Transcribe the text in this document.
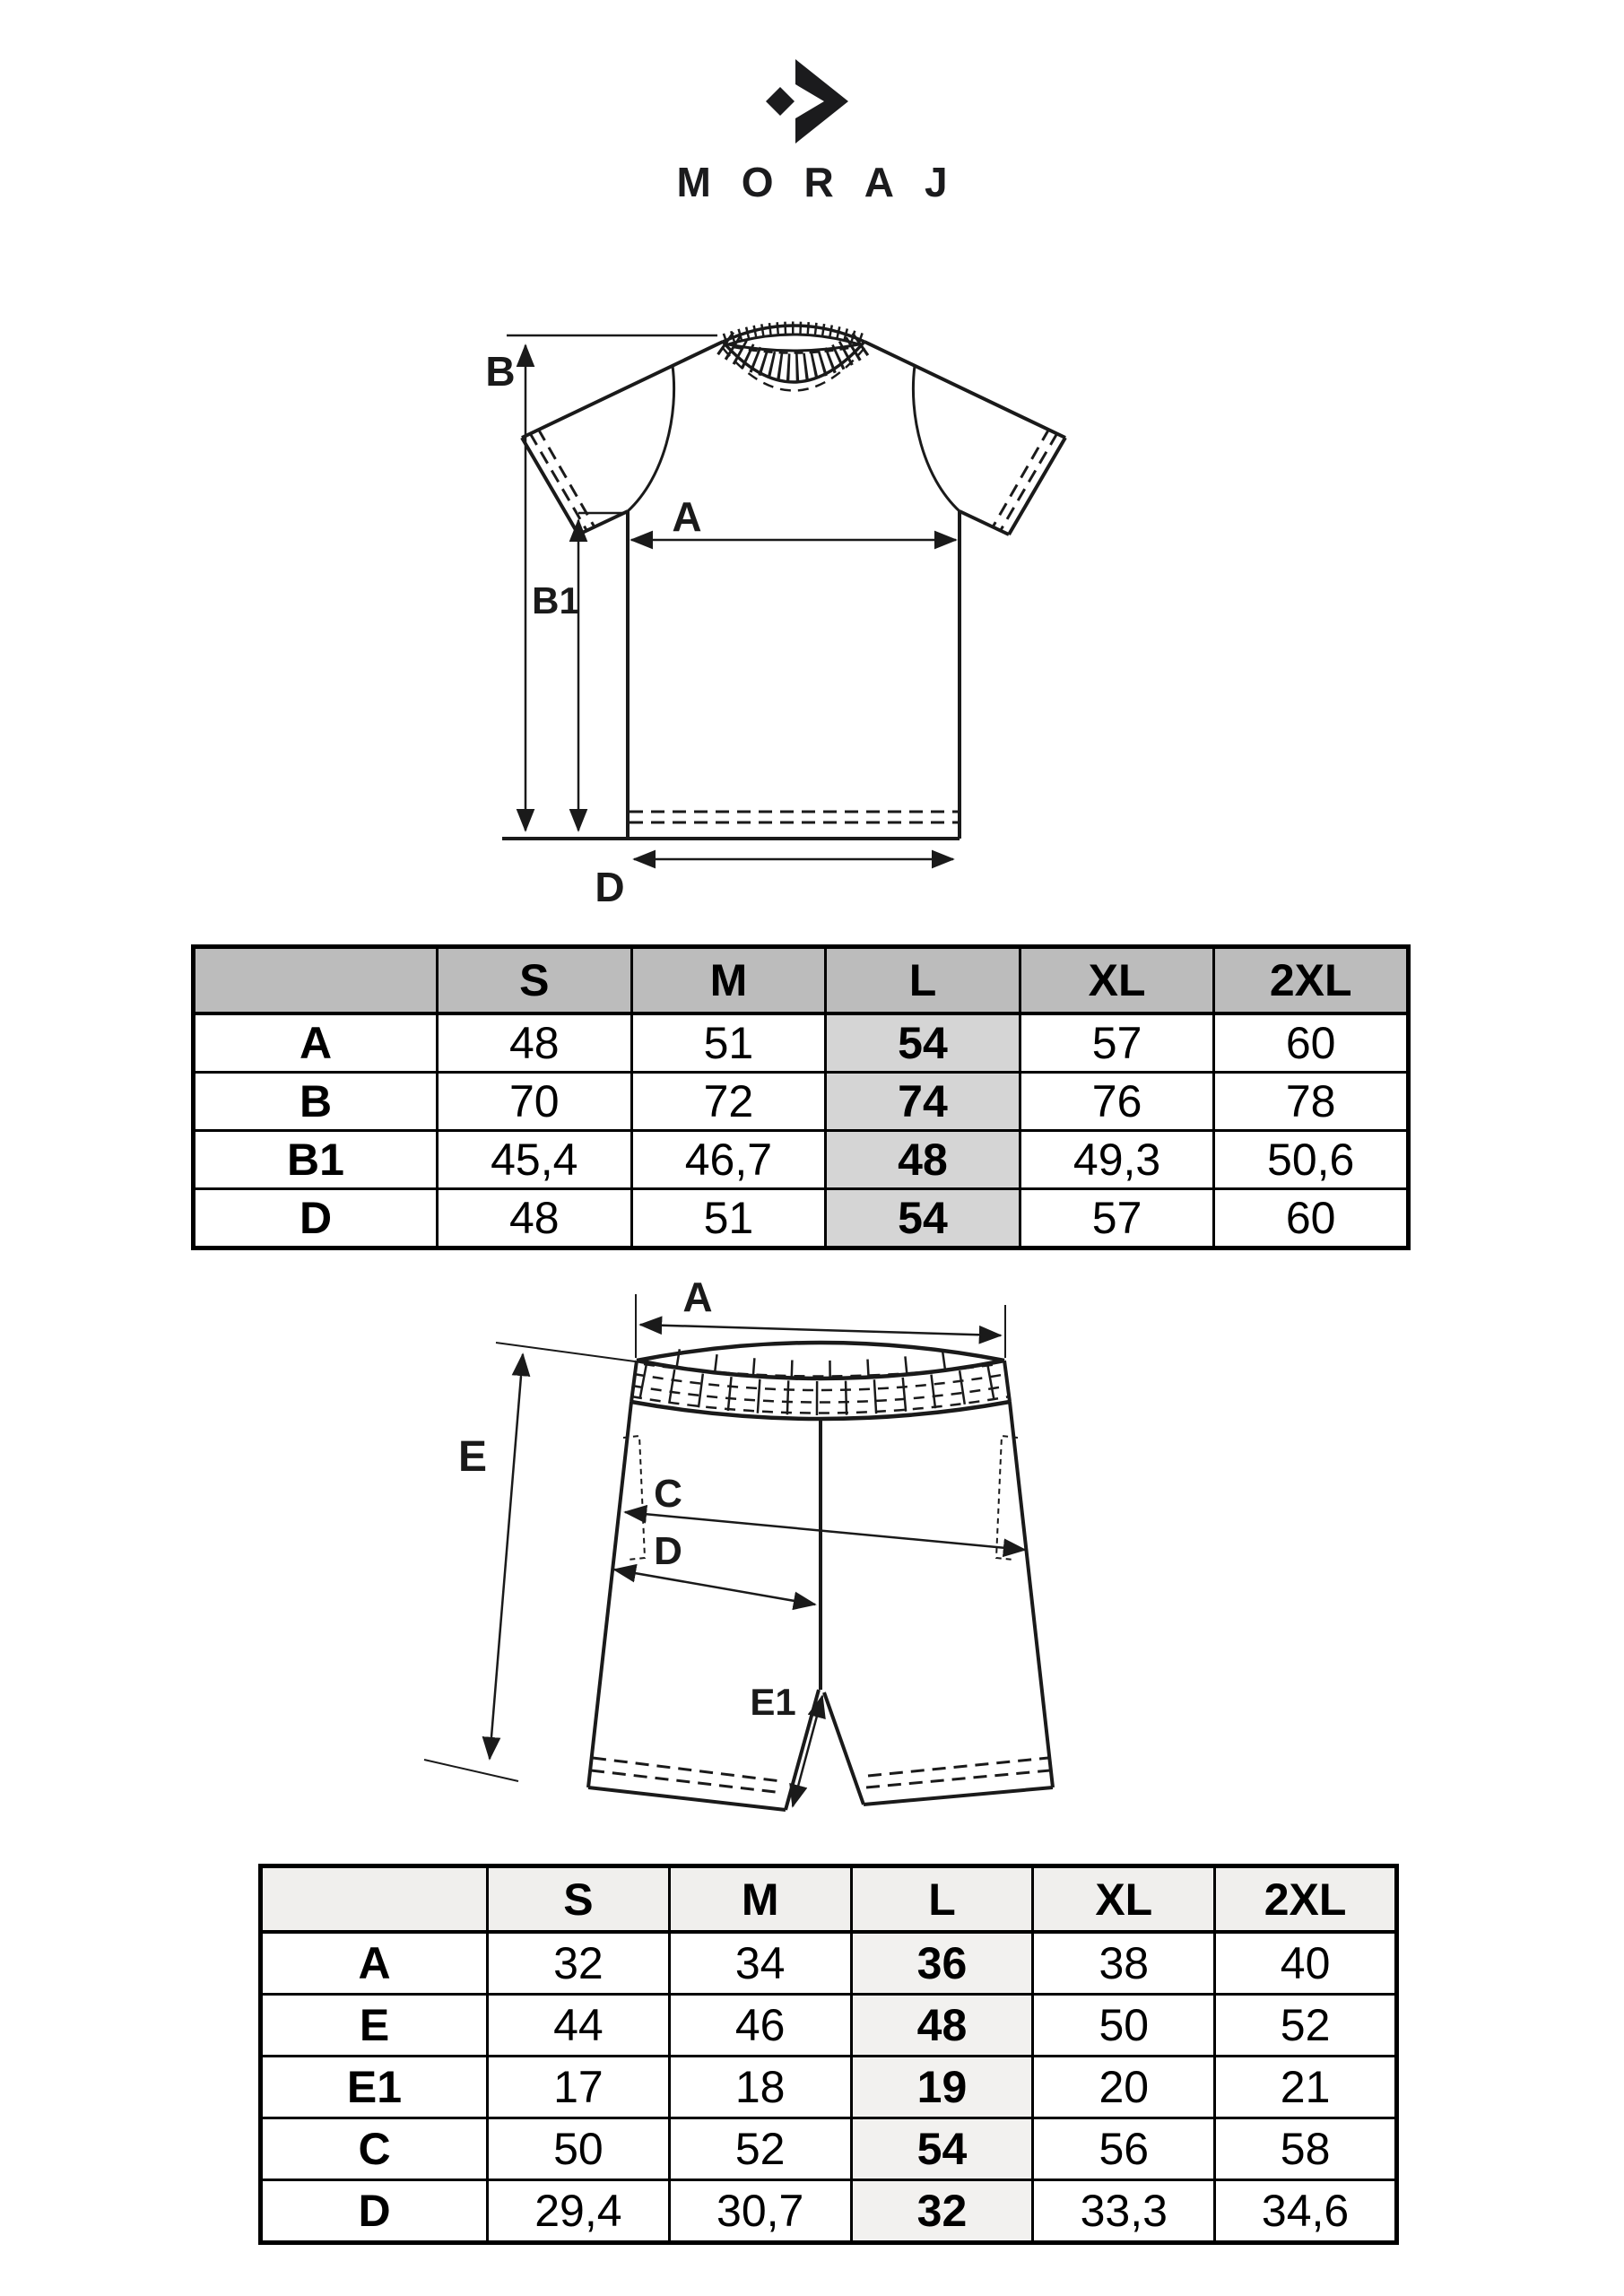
MORAJ
B
B1
A
D
	S	M	L	XL	2XL
A	48	51	54	57	60
B	70	72	74	76	78
B1	45,4	46,7	48	49,3	50,6
D	48	51	54	57	60
A
E
C
D
E1
	S	M	L	XL	2XL
A	32	34	36	38	40
E	44	46	48	50	52
E1	17	18	19	20	21
C	50	52	54	56	58
D	29,4	30,7	32	33,3	34,6
